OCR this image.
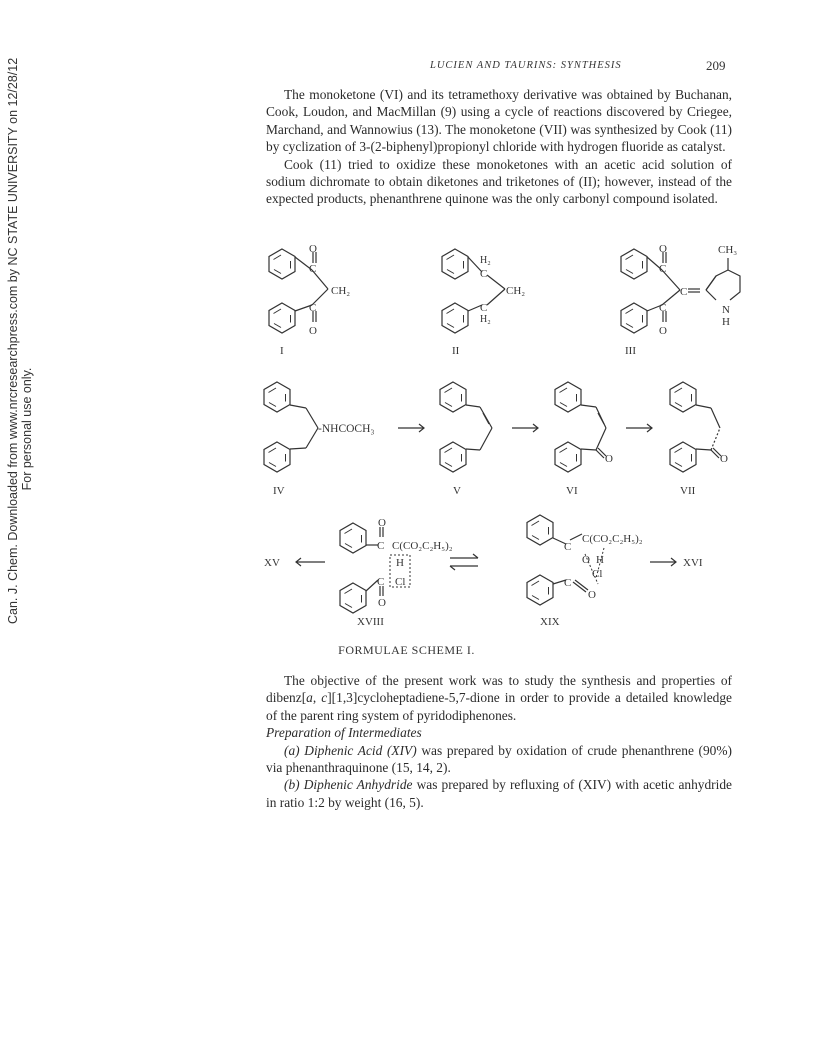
Can. J. Chem. Downloaded from www.nrcresearchpress.com by NC STATE UNIVERSITY on 12/28/12 For personal use only.
LUCIEN AND TAURINS: SYNTHESIS	209

The monoketone (VI) and its tetramethoxy derivative was obtained by Buchanan, Cook, Loudon, and MacMillan (9) using a cycle of reactions discovered by Criegee, Marchand, and Wannowius (13). The monoketone (VII) was synthesized by Cook (11) by cyclization of 3-(2-biphenyl)propionyl chloride with hydrogen fluoride as catalyst.

Cook (11) tried to oxidize these monoketones with an acetic acid solution of sodium dichromate to obtain diketones and triketones of (II); however, instead of the expected products, phenanthrene quinone was the only carbonyl compound isolated.

O
C
CH₂
C
O
I
H₂
C
CH₂
C
H₂
II
O
C
C
C
O
CH₃
N
H
III
-NHCOCH₃
O	O
IV	V	VI	VII
XV
O
C C(CO₂C₂H₅)₂
H
C Cl
O
XVIII
C
C(CO₂C₂H₅)₂
O H
Cl
C
O
XIX
XVI
FORMULAE SCHEME I.

The objective of the present work was to study the synthesis and properties of dibenz[a, c][1,3]cycloheptadiene-5,7-dione in order to provide a detailed knowledge of the parent ring system of pyridodiphenones.

Preparation of Intermediates

(a) Diphenic Acid (XIV) was prepared by oxidation of crude phenanthrene (90%) via phenanthraquinone (15, 14, 2).

(b) Diphenic Anhydride was prepared by refluxing of (XIV) with acetic anhydride in ratio 1:2 by weight (16, 5).
